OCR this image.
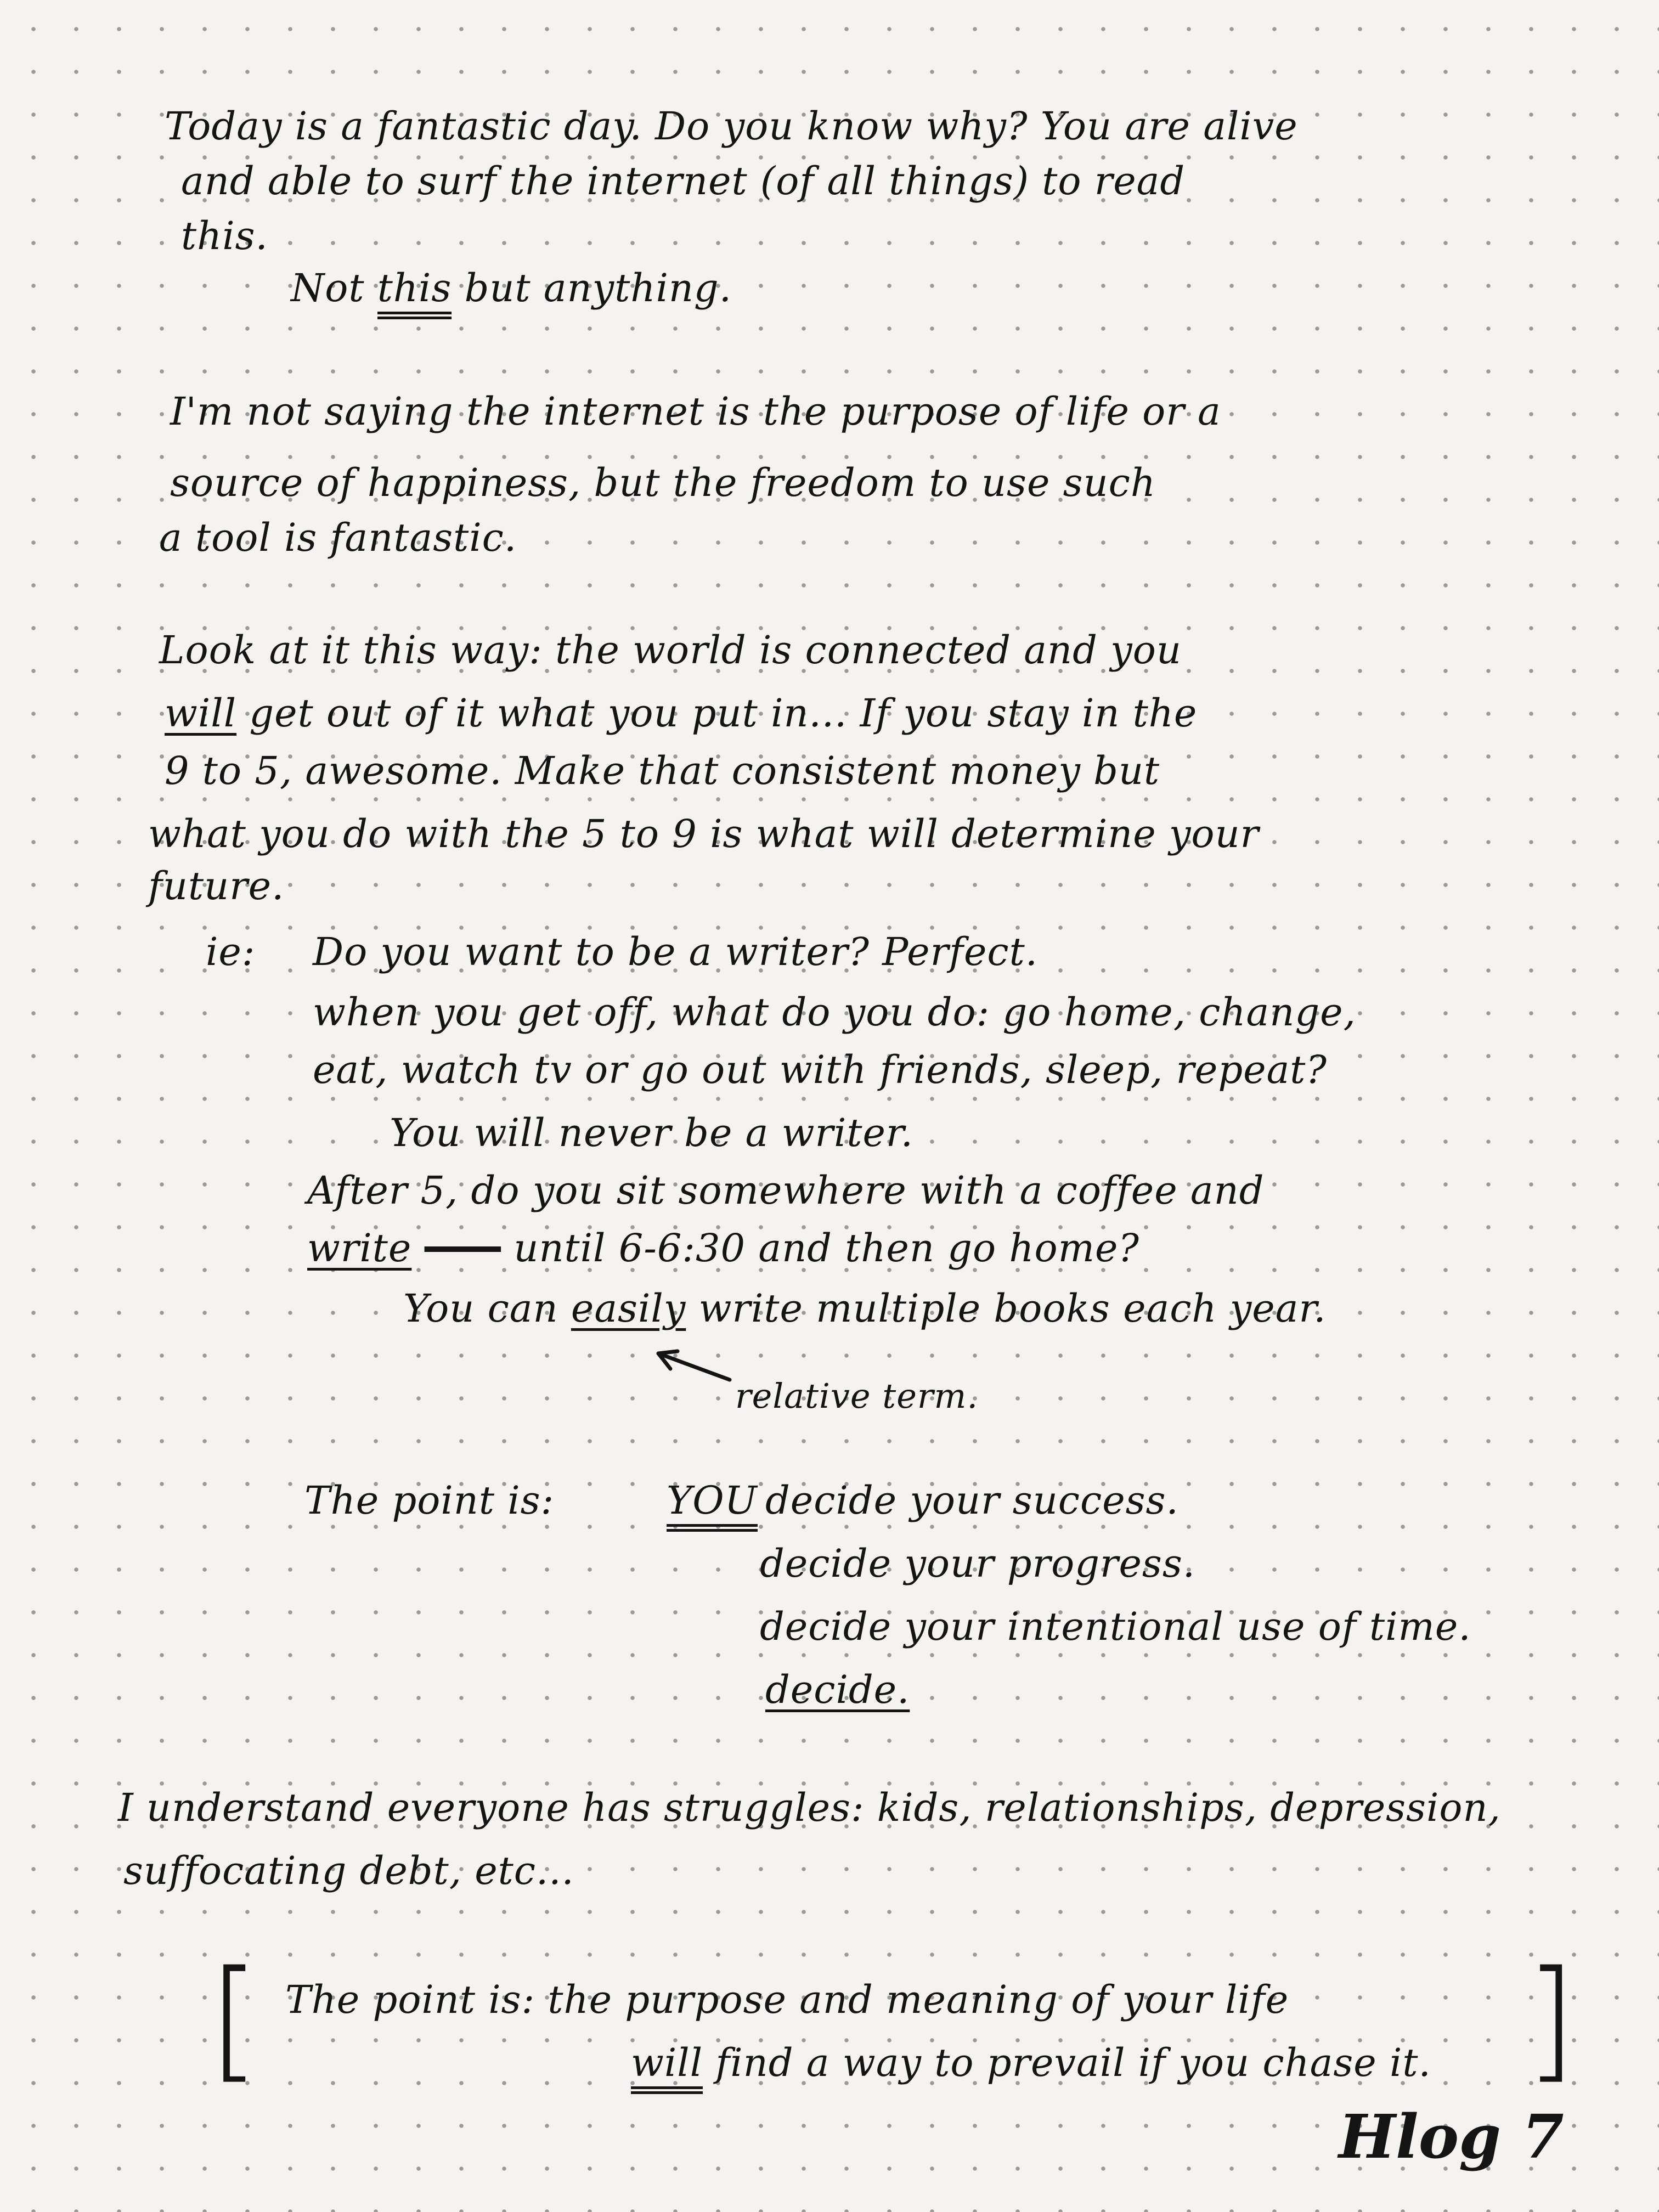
Today is a fantastic day. Do you know why? You are alive
and able to surf the internet (of all things) to read
this.
Not this but anything.
I'm not saying the internet is the purpose of life or a
source of happiness, but the freedom to use such
a tool is fantastic.
Look at it this way: the world is connected and you
will get out of it what you put in... If you stay in the
9 to 5, awesome. Make that consistent money but
what you do with the 5 to 9 is what will determine your
future.
ie: Do you want to be a writer? Perfect.
when you get off, what do you do: go home, change,
eat, watch tv or go out with friends, sleep, repeat?
You will never be a writer.
After 5, do you sit somewhere with a coffee and
write	until 6-6:30 and then go home?
You can easily write multiple books each year.
relative term.
The point is:	YOU decide your success.
decide your progress.
decide your intentional use of time.
decide.
I understand everyone has struggles: kids, relationships, depression,
suffocating debt, etc...
[ The point is: the purpose and meaning of your life
will find a way to prevail if you chase it. ]
Hlog 7
